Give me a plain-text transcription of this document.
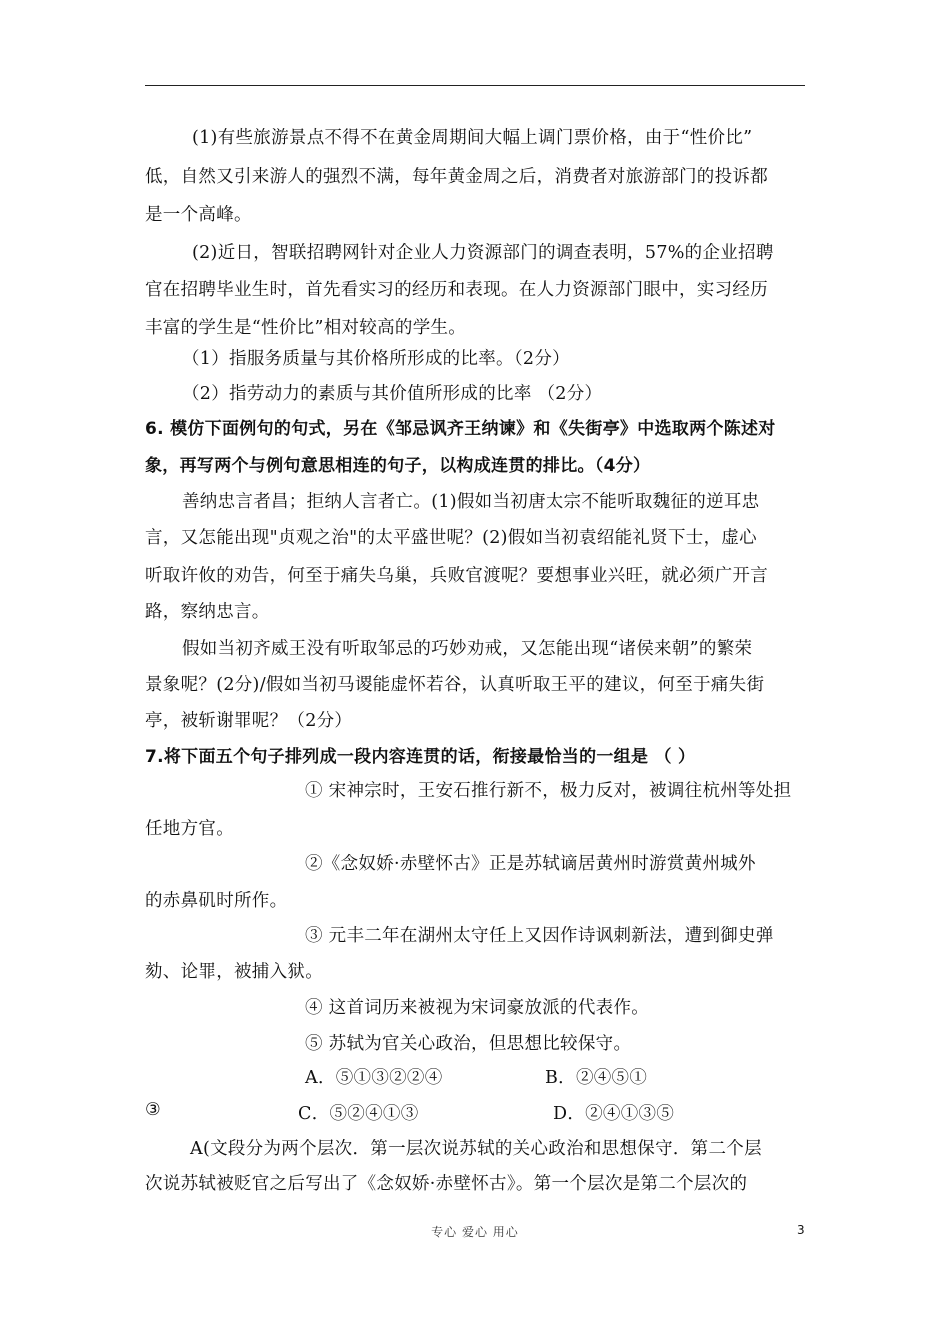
(1)有些旅游景点不得不在黄金周期间大幅上调门票价格，由于“性价比”
低，自然又引来游人的强烈不满，每年黄金周之后，消费者对旅游部门的投诉都
是一个高峰。
(2)近日，智联招聘网针对企业人力资源部门的调查表明，57%的企业招聘
官在招聘毕业生时，首先看实习的经历和表现。在人力资源部门眼中，实习经历
丰富的学生是“性价比”相对较高的学生。
（1）指服务质量与其价格所形成的比率。（2分）
（2）指劳动力的素质与其价值所形成的比率 （2分）
6. 模仿下面例句的句式，另在《邹忌讽齐王纳谏》和《失街亭》中选取两个陈述对
象，再写两个与例句意思相连的句子，以构成连贯的排比。（4分）
善纳忠言者昌；拒纳人言者亡。(1)假如当初唐太宗不能听取魏征的逆耳忠
言，又怎能出现"贞观之治"的太平盛世呢？(2)假如当初袁绍能礼贤下士，虚心
听取许攸的劝告，何至于痛失乌巢，兵败官渡呢？要想事业兴旺，就必须广开言
路，察纳忠言。
假如当初齐威王没有听取邹忌的巧妙劝戒，又怎能出现“诸侯来朝”的繁荣
景象呢？(2分)/假如当初马谡能虚怀若谷，认真听取王平的建议，何至于痛失街
亭，被斩谢罪呢？（2分）
7.将下面五个句子排列成一段内容连贯的话，衔接最恰当的一组是 （ ）
① 宋神宗时，王安石推行新不，极力反对，被调往杭州等处担
任地方官。
②《念奴娇·赤壁怀古》正是苏轼谪居黄州时游赏黄州城外
的赤鼻矶时所作。
③ 元丰二年在湖州太守任上又因作诗讽刺新法，遭到御史弹
劾、论罪，被捕入狱。
④ 这首词历来被视为宋词豪放派的代表作。
⑤ 苏轼为官关心政治，但思想比较保守。
A．⑤①③②②④	B．②④⑤①
③	C．⑤②④①③	D．②④①③⑤
A(文段分为两个层次．第一层次说苏轼的关心政治和思想保守．第二个层
次说苏轼被贬官之后写出了《念奴娇·赤壁怀古》。第一个层次是第二个层次的
专心 爱心 用心	3
